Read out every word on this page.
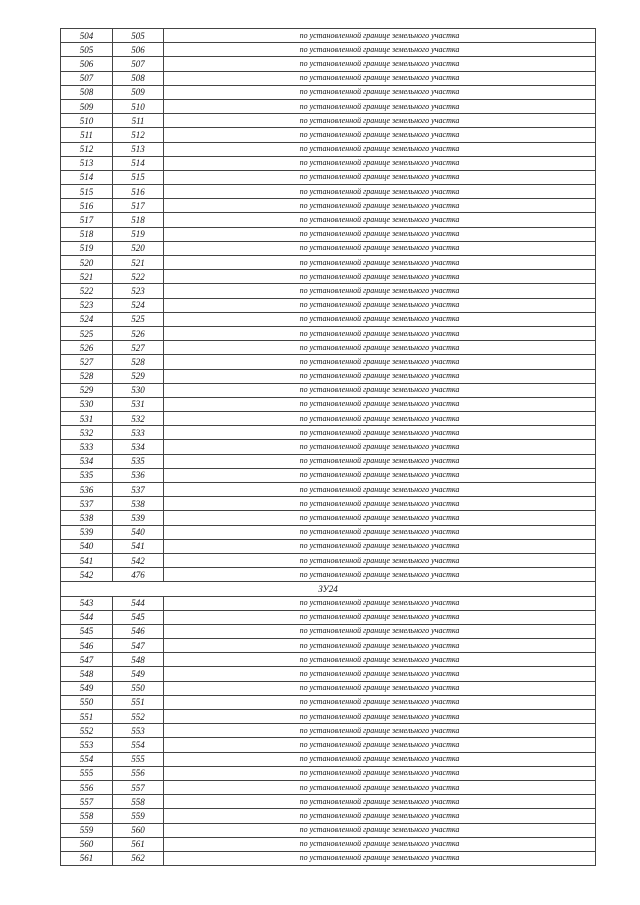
504	505	по установленной границе земельного участка
505	506	по установленной границе земельного участка
506	507	по установленной границе земельного участка
507	508	по установленной границе земельного участка
508	509	по установленной границе земельного участка
509	510	по установленной границе земельного участка
510	511	по установленной границе земельного участка
511	512	по установленной границе земельного участка
512	513	по установленной границе земельного участка
513	514	по установленной границе земельного участка
514	515	по установленной границе земельного участка
515	516	по установленной границе земельного участка
516	517	по установленной границе земельного участка
517	518	по установленной границе земельного участка
518	519	по установленной границе земельного участка
519	520	по установленной границе земельного участка
520	521	по установленной границе земельного участка
521	522	по установленной границе земельного участка
522	523	по установленной границе земельного участка
523	524	по установленной границе земельного участка
524	525	по установленной границе земельного участка
525	526	по установленной границе земельного участка
526	527	по установленной границе земельного участка
527	528	по установленной границе земельного участка
528	529	по установленной границе земельного участка
529	530	по установленной границе земельного участка
530	531	по установленной границе земельного участка
531	532	по установленной границе земельного участка
532	533	по установленной границе земельного участка
533	534	по установленной границе земельного участка
534	535	по установленной границе земельного участка
535	536	по установленной границе земельного участка
536	537	по установленной границе земельного участка
537	538	по установленной границе земельного участка
538	539	по установленной границе земельного участка
539	540	по установленной границе земельного участка
540	541	по установленной границе земельного участка
541	542	по установленной границе земельного участка
542	476	по установленной границе земельного участка
ЗУ24		
543	544	по установленной границе земельного участка
544	545	по установленной границе земельного участка
545	546	по установленной границе земельного участка
546	547	по установленной границе земельного участка
547	548	по установленной границе земельного участка
548	549	по установленной границе земельного участка
549	550	по установленной границе земельного участка
550	551	по установленной границе земельного участка
551	552	по установленной границе земельного участка
552	553	по установленной границе земельного участка
553	554	по установленной границе земельного участка
554	555	по установленной границе земельного участка
555	556	по установленной границе земельного участка
556	557	по установленной границе земельного участка
557	558	по установленной границе земельного участка
558	559	по установленной границе земельного участка
559	560	по установленной границе земельного участка
560	561	по установленной границе земельного участка
561	562	по установленной границе земельного участка
